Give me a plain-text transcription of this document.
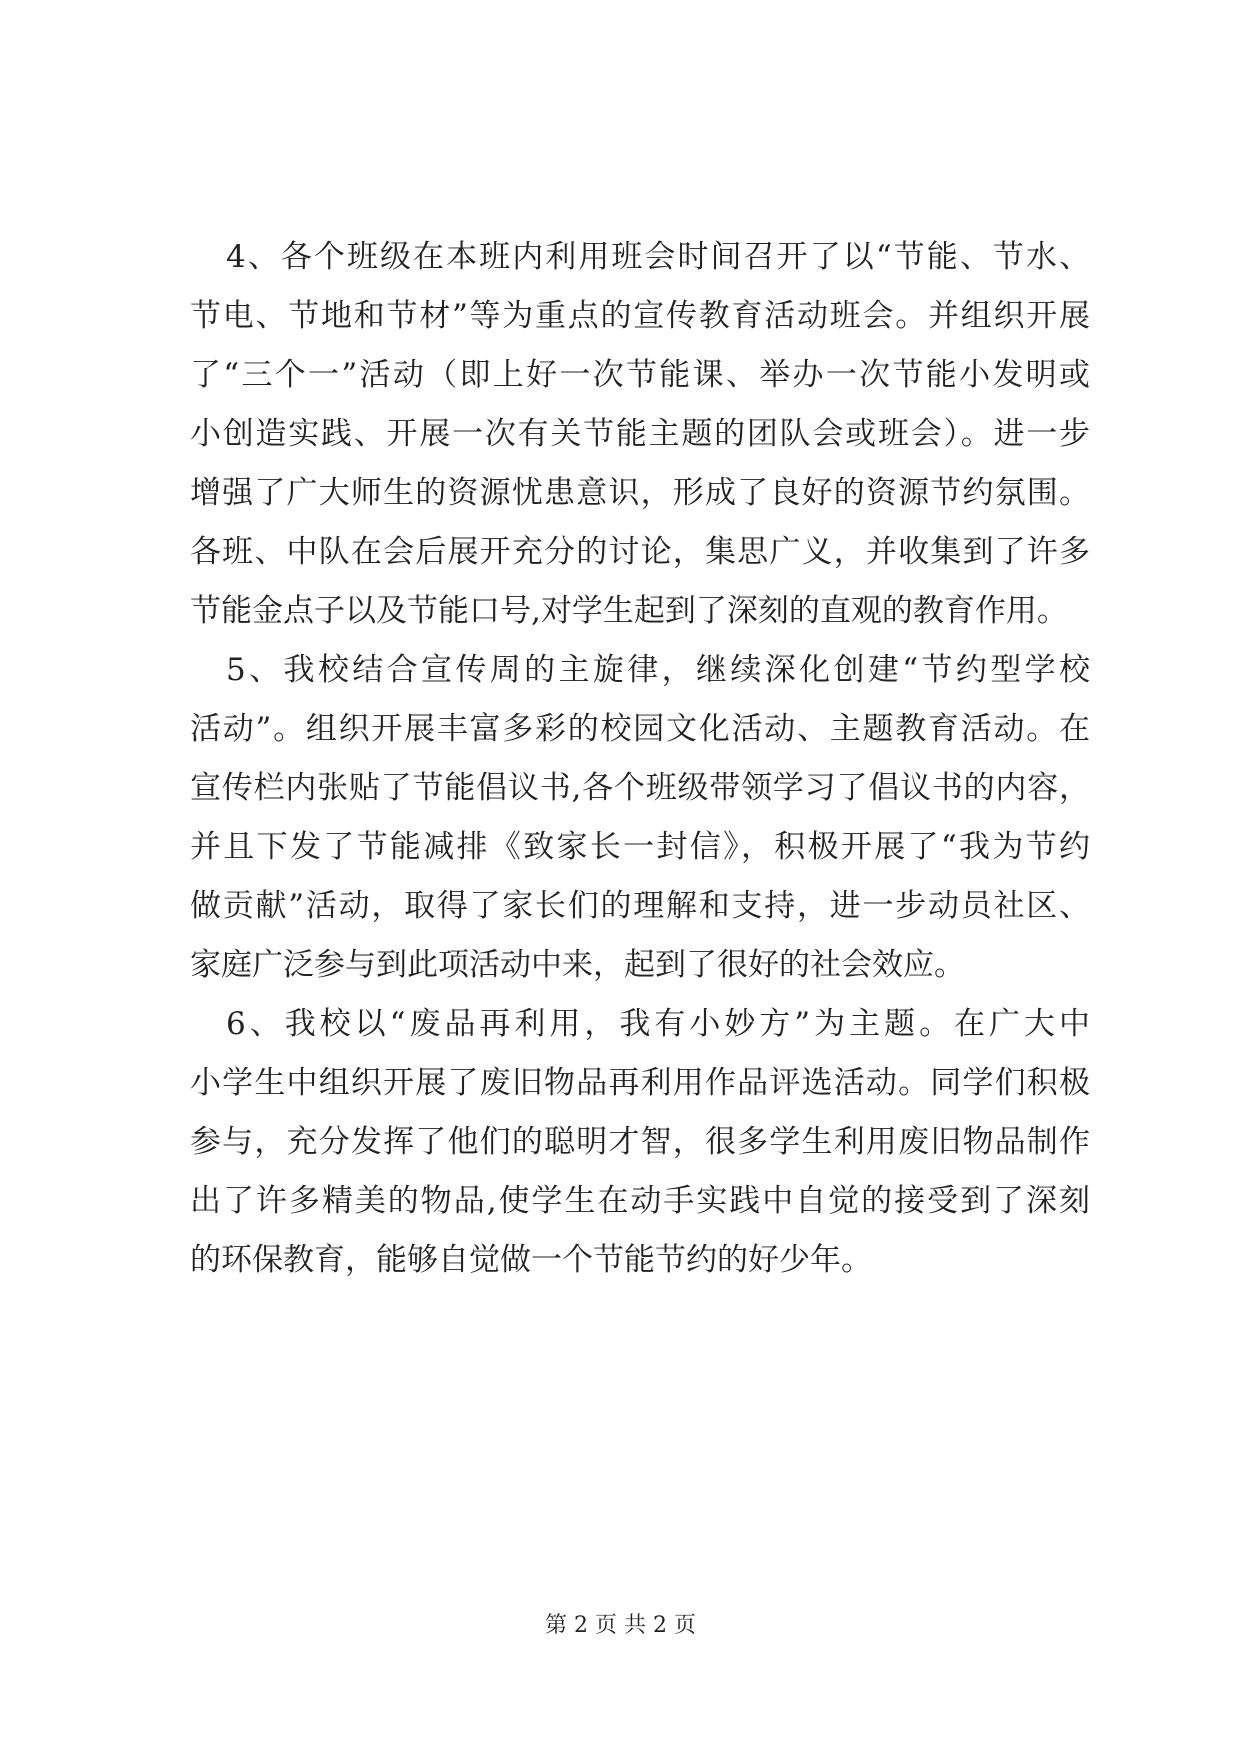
4、各个班级在本班内利用班会时间召开了以“节能、节水、
节电、节地和节材”等为重点的宣传教育活动班会。并组织开展
了“三个一”活动（即上好一次节能课、举办一次节能小发明或
小创造实践、开展一次有关节能主题的团队会或班会）。进一步
增强了广大师生的资源忧患意识，形成了良好的资源节约氛围。
各班、中队在会后展开充分的讨论，集思广义，并收集到了许多
节能金点子以及节能口号,对学生起到了深刻的直观的教育作用。
5、我校结合宣传周的主旋律，继续深化创建“节约型学校
活动”。组织开展丰富多彩的校园文化活动、主题教育活动。在
宣传栏内张贴了节能倡议书,各个班级带领学习了倡议书的内容，
并且下发了节能减排《致家长一封信》，积极开展了“我为节约
做贡献”活动，取得了家长们的理解和支持，进一步动员社区、
家庭广泛参与到此项活动中来，起到了很好的社会效应。
6、我校以“废品再利用，我有小妙方”为主题。在广大中
小学生中组织开展了废旧物品再利用作品评选活动。同学们积极
参与，充分发挥了他们的聪明才智，很多学生利用废旧物品制作
出了许多精美的物品,使学生在动手实践中自觉的接受到了深刻
的环保教育，能够自觉做一个节能节约的好少年。
第 2 页 共 2 页
